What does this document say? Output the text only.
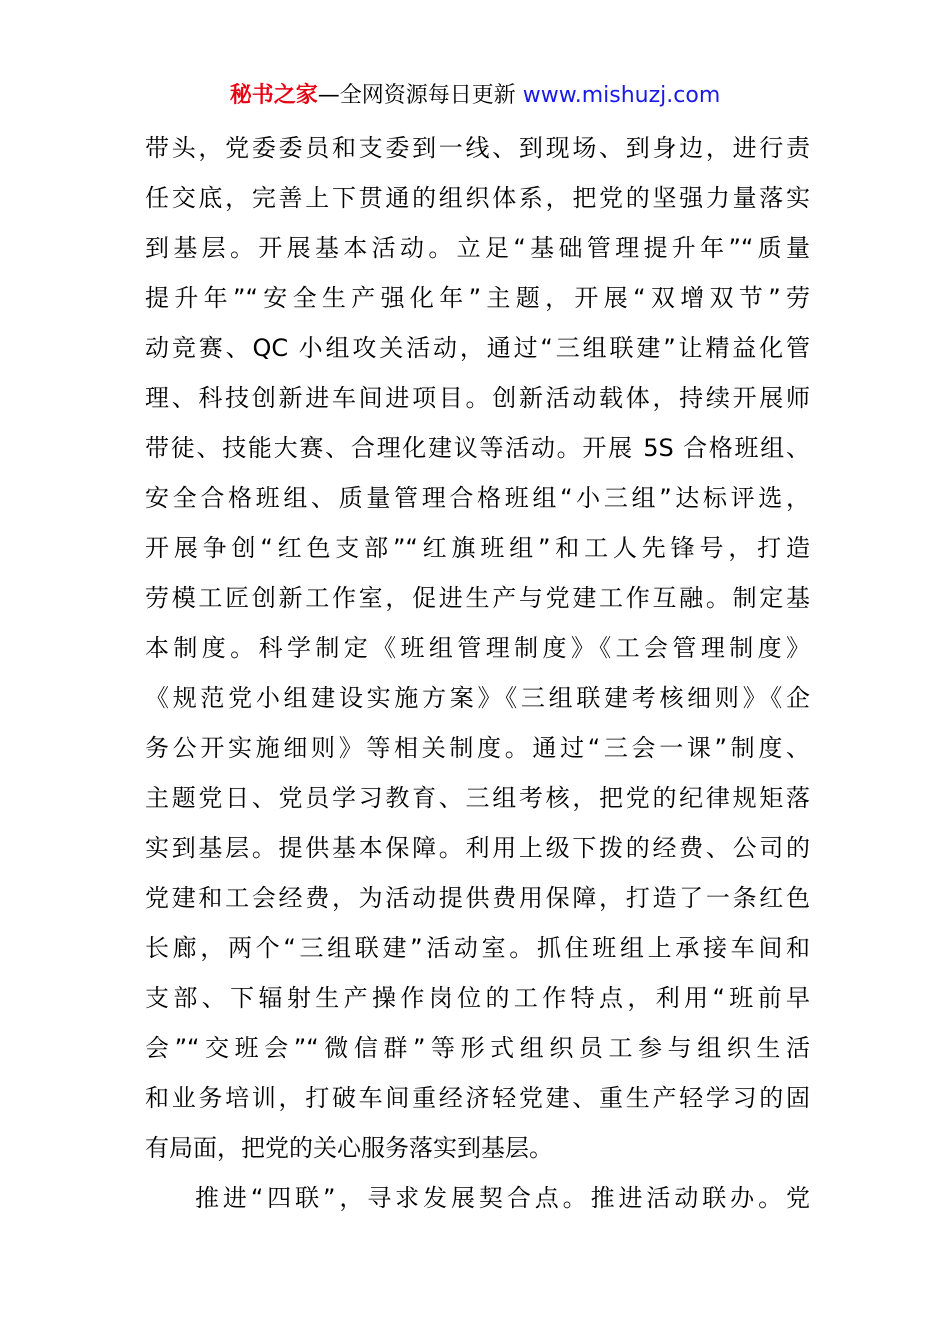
秘书之家—全网资源每日更新 www.mishuzj.com
带头，党委委员和支委到一线、到现场、到身边，进行责
任交底，完善上下贯通的组织体系，把党的坚强力量落实
到基层。开展基本活动。立足“基础管理提升年”“质量
提升年”“安全生产强化年”主题，开展“双增双节”劳
动竞赛、QC 小组攻关活动，通过“三组联建”让精益化管
理、科技创新进车间进项目。创新活动载体，持续开展师
带徒、技能大赛、合理化建议等活动。开展 5S 合格班组、
安全合格班组、质量管理合格班组“小三组”达标评选，
开展争创“红色支部”“红旗班组”和工人先锋号，打造
劳模工匠创新工作室，促进生产与党建工作互融。制定基
本制度。科学制定《班组管理制度》《工会管理制度》
《规范党小组建设实施方案》《三组联建考核细则》《企
务公开实施细则》等相关制度。通过“三会一课”制度、
主题党日、党员学习教育、三组考核，把党的纪律规矩落
实到基层。提供基本保障。利用上级下拨的经费、公司的
党建和工会经费，为活动提供费用保障，打造了一条红色
长廊，两个“三组联建”活动室。抓住班组上承接车间和
支部、下辐射生产操作岗位的工作特点，利用“班前早
会”“交班会”“微信群”等形式组织员工参与组织生活
和业务培训，打破车间重经济轻党建、重生产轻学习的固
有局面，把党的关心服务落实到基层。
推进“四联”，寻求发展契合点。推进活动联办。党
